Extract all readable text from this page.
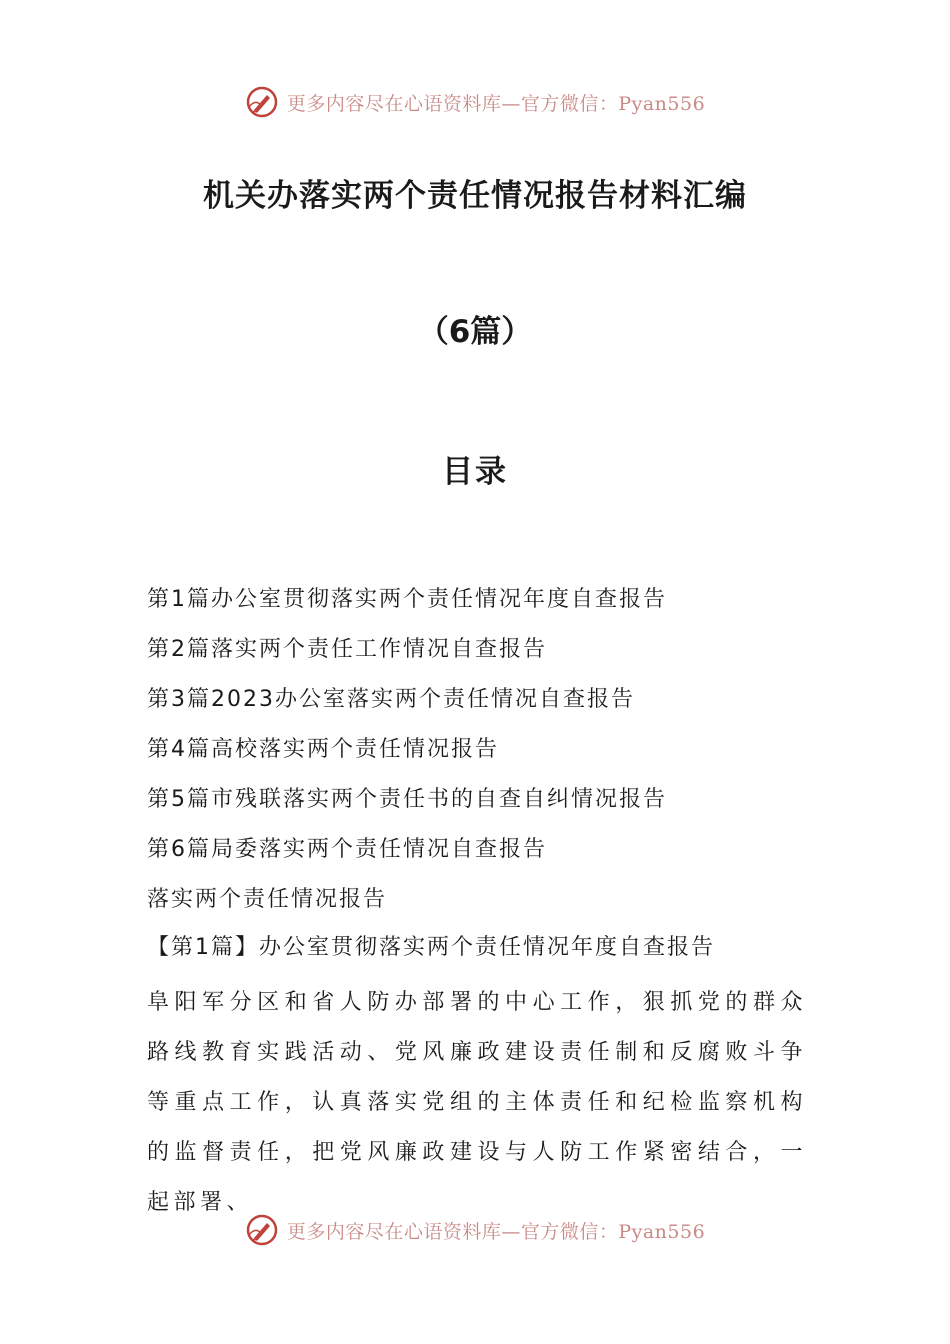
更多内容尽在心语资料库—官方微信：Pyan556
机关办落实两个责任情况报告材料汇编
（6篇）
目录
第1篇办公室贯彻落实两个责任情况年度自查报告
第2篇落实两个责任工作情况自查报告
第3篇2023办公室落实两个责任情况自查报告
第4篇高校落实两个责任情况报告
第5篇市残联落实两个责任书的自查自纠情况报告
第6篇局委落实两个责任情况自查报告
落实两个责任情况报告
【第1篇】办公室贯彻落实两个责任情况年度自查报告

阜阳军分区和省人防办部署的中心工作，狠抓党的群众路线教育实践活动、党风廉政建设责任制和反腐败斗争等重点工作，认真落实党组的主体责任和纪检监察机构的监督责任，把党风廉政建设与人防工作紧密结合，一起部署、

更多内容尽在心语资料库—官方微信：Pyan556
